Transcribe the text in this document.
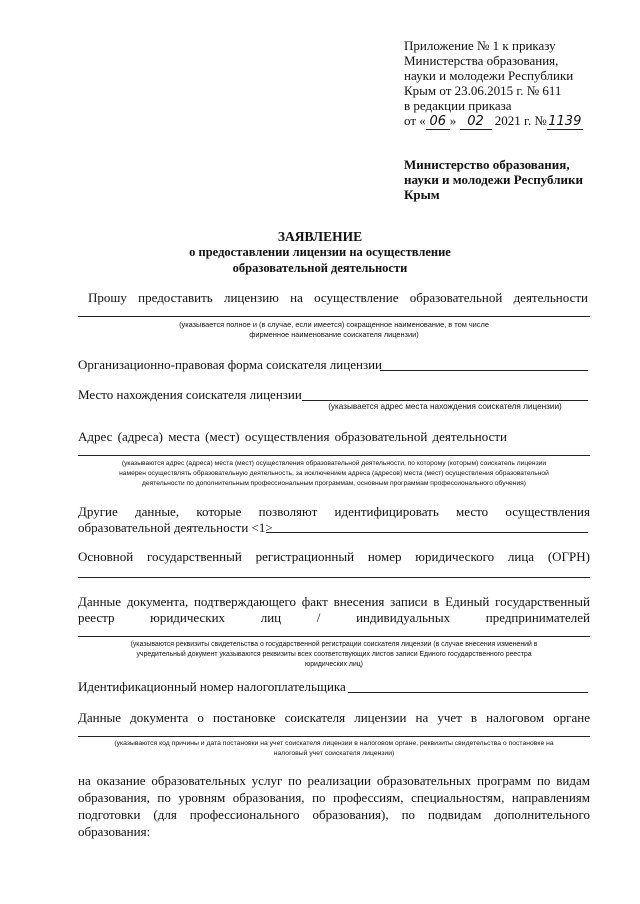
Приложение № 1 к приказу
Министерства образования,
науки и молодежи Республики
Крым от 23.06.2015 г. № 611
в редакции приказа
от « 06 » 02 2021 г. №1139
Министерство образования,
науки и молодежи Республики
Крым
ЗАЯВЛЕНИЕ
о предоставлении лицензии на осуществление
образовательной деятельности
Прошу предоставить лицензию на осуществление образовательной деятельности
(указывается полное и (в случае, если имеется) сокращенное наименование, в том числе
фирменное наименование соискателя лицензии)
Организационно-правовая форма соискателя лицензии
Место нахождения соискателя лицензии
(указывается адрес места нахождения соискателя лицензии)
Адрес (адреса) места (мест) осуществления образовательной деятельности
(указываются адрес (адреса) места (мест) осуществления образовательной деятельности, по которому (которым) соискатель лицензии
намерен осуществлять образовательную деятельность, за исключением адреса (адресов) места (мест) осуществления образовательной
деятельности по дополнительным профессиональным программам, основным программам профессионального обучения)
Другие данные, которые позволяют идентифицировать место осуществления
образовательной деятельности <1>
Основной государственный регистрационный номер юридического лица (ОГРН)
Данные документа, подтверждающего факт внесения записи в Единый государственный
реестр юридических лиц / индивидуальных предпринимателей
(указываются реквизиты свидетельства о государственной регистрации соискателя лицензии (в случае внесения изменений в
учредительный документ указываются реквизиты всех соответствующих листов записи Единого государственного реестра
юридических лиц)
Идентификационный номер налогоплательщика
Данные документа о постановке соискателя лицензии на учет в налоговом органе
(указываются код причины и дата постановки на учет соискателя лицензии в налоговом органе, реквизиты свидетельства о постановке на
налоговый учет соискателя лицензии)
на оказание образовательных услуг по реализации образовательных программ по видам образования, по уровням образования, по профессиям, специальностям, направлениям подготовки (для профессионального образования), по подвидам дополнительного образования:
